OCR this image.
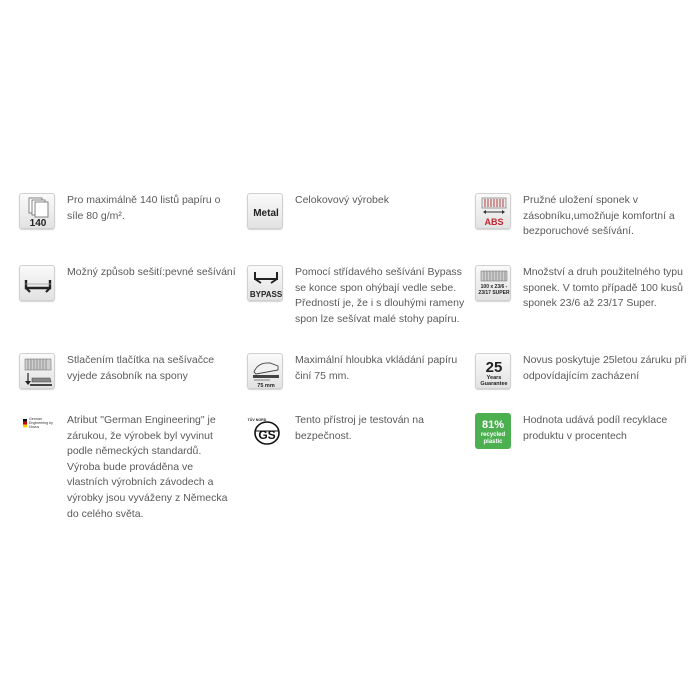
140

Pro maximálně 140 listů papíru o síle 80 g/m².	Metal

Celokovový výrobek

ABS

Pružné uložení sponek v zásobníku,umožňuje komfortní a bezporuchové sešívání.

Možný způsob sešití:pevné sešívání

BYPASS

Pomocí střídavého sešívání Bypass se konce spon ohýbají vedle sebe. Předností je, že i s dlouhými rameny spon lze sešívat malé stohy papíru.

100 x 23/6 - 23/17 SUPER

Množství a druh použitelného typu sponek. V tomto případě 100 kusů sponek 23/6 až 23/17 Super.

Stlačením tlačítka na sešívačce vyjede zásobník na spony

75 mm

Maximální hloubka vkládání papíru činí 75 mm.	25
Years
Guarantee

Novus poskytuje 25letou záruku při odpovídajícím zacházení

German Engineering by Novus

Atribut "German Engineering" je zárukou, že výrobek byl vyvinut podle německých standardů. Výroba bude prováděna ve vlastních výrobních závodech a výrobky jsou vyváženy z Německa do celého světa.

TÜV NORD
GS

Tento přístroj je testován na bezpečnost.

81%
recycled
plastic

Hodnota udává podíl recyklace produktu v procentech
